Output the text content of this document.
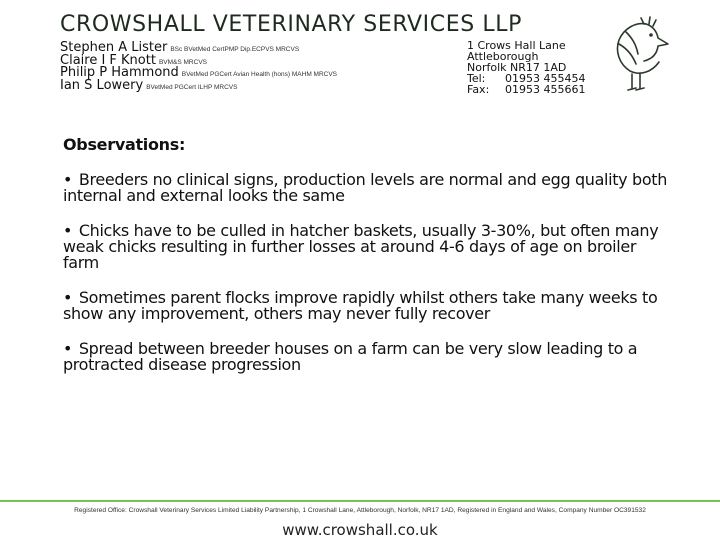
CROWSHALL VETERINARY SERVICES LLP
Stephen A Lister BSc BVetMed CertPMP Dip.ECPVS MRCVS
Claire I F Knott BVM&S MRCVS
Philip P Hammond BVetMed PGCert Avian Health (hons) MAHM MRCVS
Ian S Lowery BVetMed PGCert ILHP MRCVS
1 Crows Hall Lane
Attleborough
Norfolk NR17 1AD
Tel: 01953 455454
Fax: 01953 455661
Observations:
• Breeders no clinical signs, production levels are normal and egg quality both internal and external looks the same
• Chicks have to be culled in hatcher baskets, usually 3-30%, but often many weak chicks resulting in further losses at around 4-6 days of age on broiler farm
• Sometimes parent flocks improve rapidly whilst others take many weeks to show any improvement, others may never fully recover
• Spread between breeder houses on a farm can be very slow leading to a protracted disease progression
Registered Office: Crowshall Veterinary Services Limited Liability Partnership, 1 Crowshall Lane, Attleborough, Norfolk, NR17 1AD, Registered in England and Wales, Company Number OC391532
www.crowshall.co.uk
